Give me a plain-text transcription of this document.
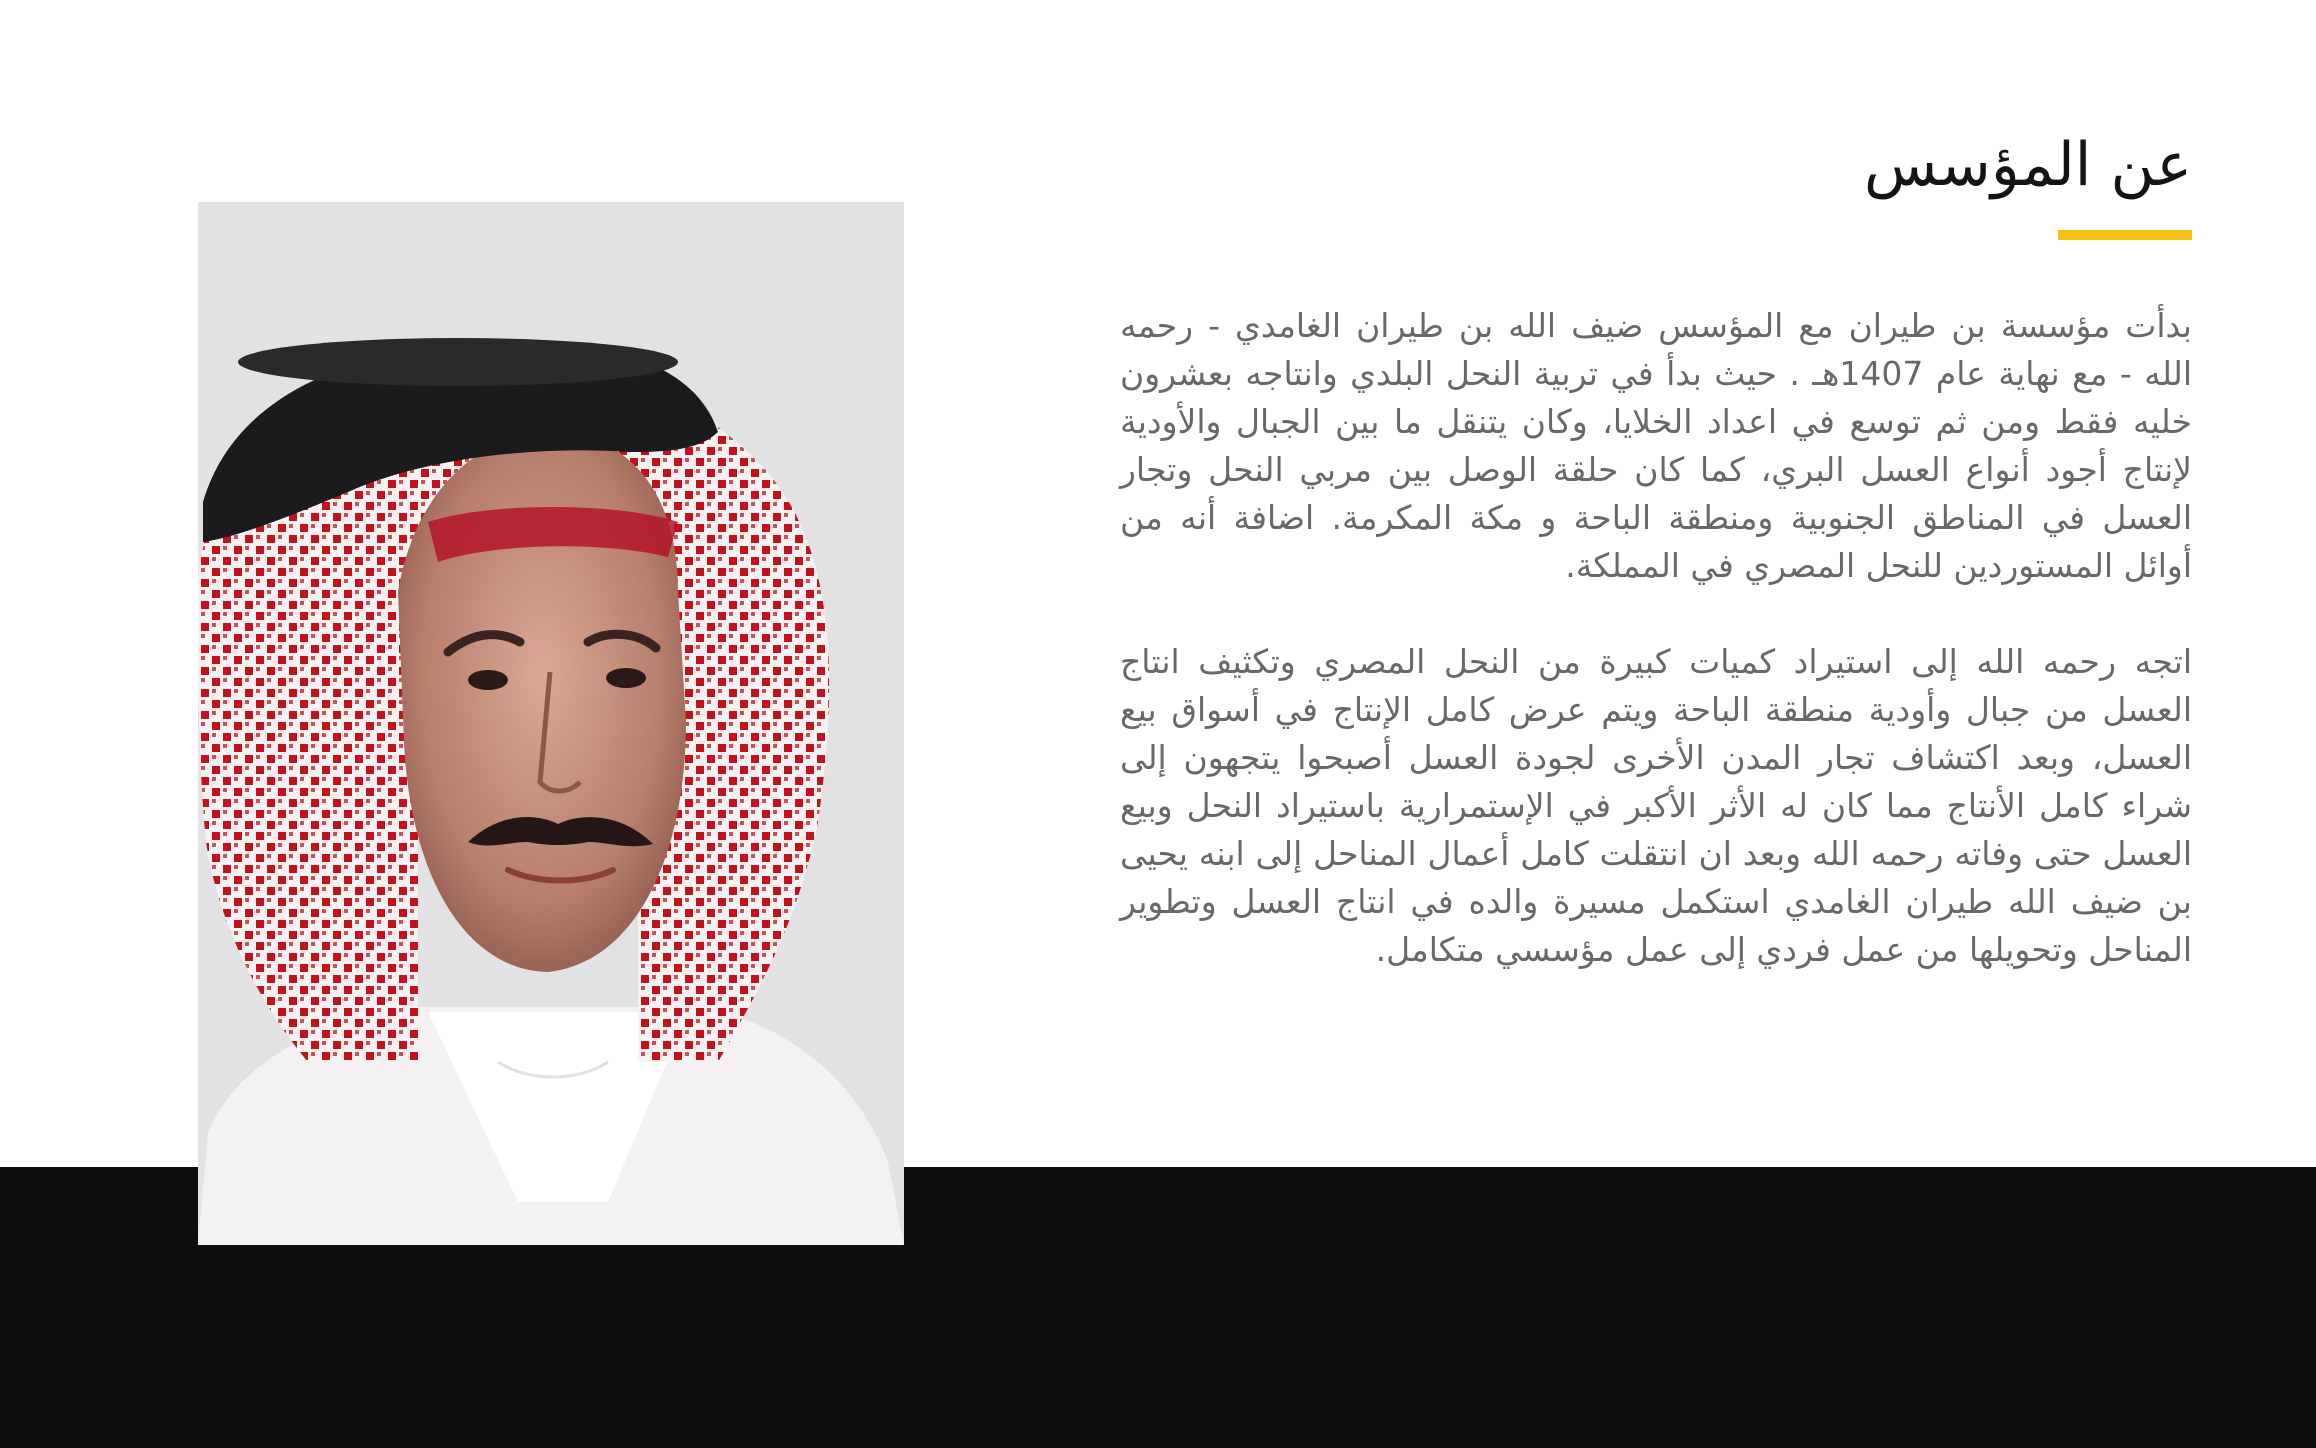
عن المؤسس

بدأت مؤسسة بن طيران مع المؤسس ضيف الله بن طيران الغامدي - رحمه الله - مع نهاية عام 1407هـ . حيث بدأ في تربية النحل البلدي وانتاجه بعشرون خليه فقط ومن ثم توسع في اعداد الخلايا، وكان يتنقل ما بين الجبال والأودية لإنتاج أجود أنواع العسل البري، كما كان حلقة الوصل بين مربي النحل وتجار العسل في المناطق الجنوبية ومنطقة الباحة و مكة المكرمة. اضافة أنه من أوائل المستوردين للنحل المصري في المملكة.

اتجه رحمه الله إلى استيراد كميات كبيرة من النحل المصري وتكثيف انتاج العسل من جبال وأودية منطقة الباحة ويتم عرض كامل الإنتاج في أسواق بيع العسل، وبعد اكتشاف تجار المدن الأخرى لجودة العسل أصبحوا يتجهون إلى شراء كامل الأنتاج مما كان له الأثر الأكبر في الإستمرارية باستيراد النحل وبيع العسل حتى وفاته رحمه الله وبعد ان انتقلت كامل أعمال المناحل إلى ابنه يحيى بن ضيف الله طيران الغامدي استكمل مسيرة والده في انتاج العسل وتطوير المناحل وتحويلها من عمل فردي إلى عمل مؤسسي متكامل.
